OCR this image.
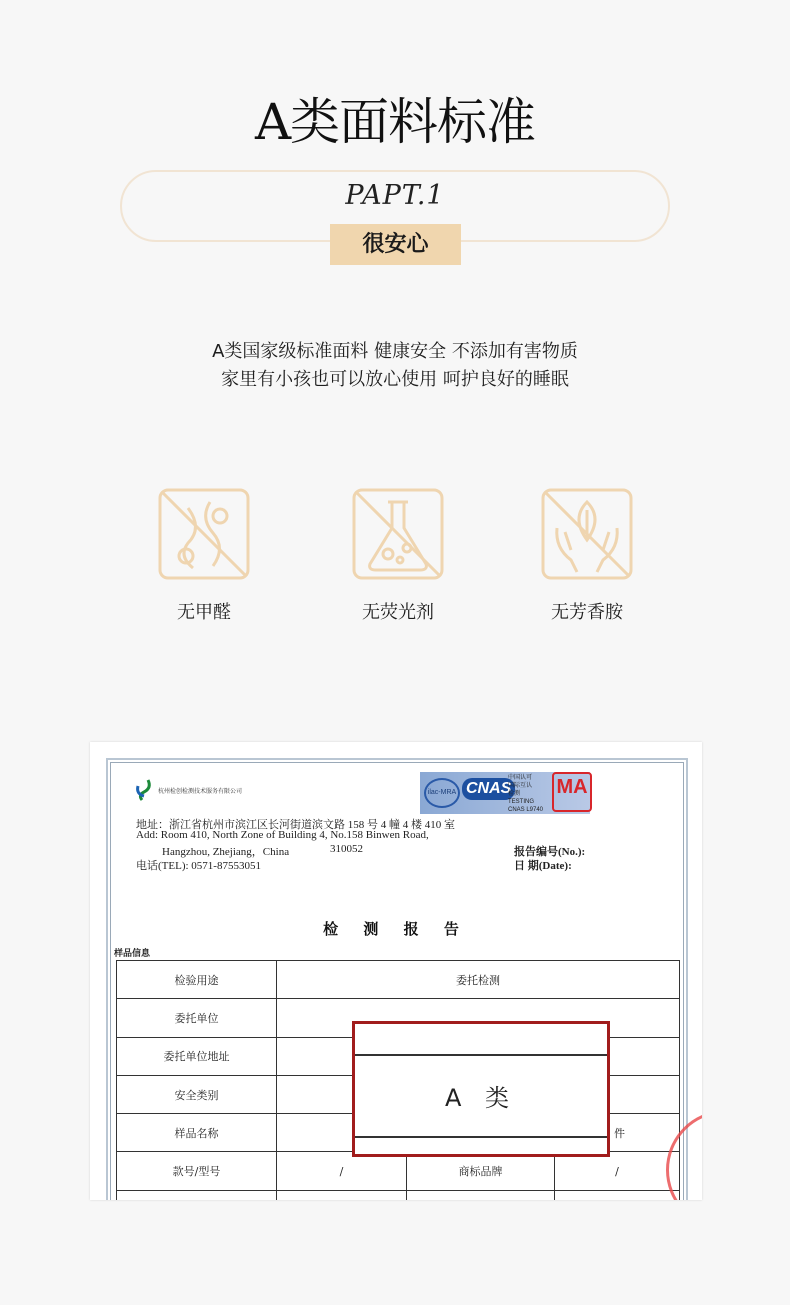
A类面料标准
PAPT.1
很安心
A类国家级标准面料 健康安全 不添加有害物质
家里有小孩也可以放心使用 呵护良好的睡眠
无甲醛	无荧光剂	无芳香胺
杭州检创检测技术服务有限公司	ilac-MRA CNAS
中国认可
国际互认
检测
TESTING
CNAS L9740
MA
地址：浙江省杭州市滨江区长河街道滨文路 158 号 4 幢 4 楼 410 室
Add: Room 410, North Zone of Building 4, No.158 Binwen Road,
Hangzhou, Zhejiang，China	310052
电话(TEL): 0571-87553051
报告编号(No.):
日 期(Date):
检 测 报 告
样品信息
检验用途	委托检测		
委托单位			
委托单位地址			
安全类别			
样品名称			件
款号/型号	/	商标品牌	/

A 类
